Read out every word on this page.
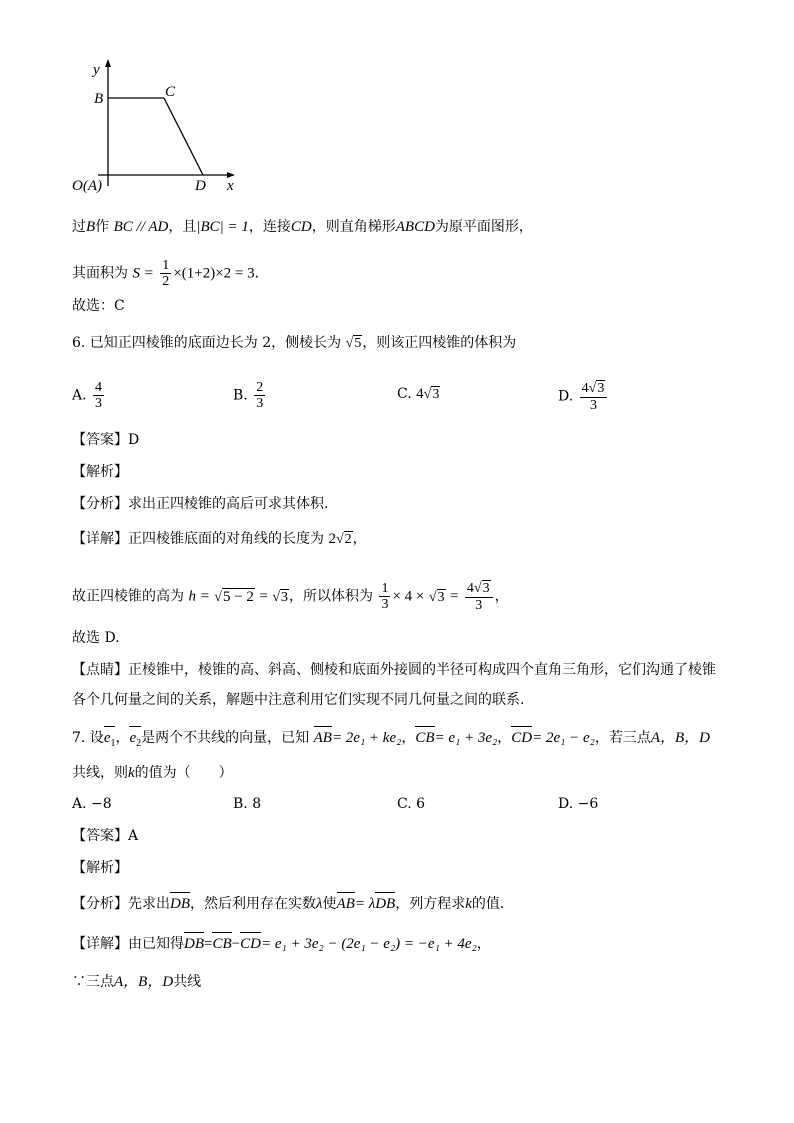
y
B	C
D x
O(A)
过B作 BC // AD，且|BC| = 1，连接CD，则直角梯形ABCD为原平面图形，
其面积为 $S = \frac{1}{2} \times(1+2)\times 2 = 3$．
故选：C
6. 已知正四棱锥的底面边长为 2，侧棱长为 √5，则该正四棱锥的体积为
A. $\frac{4}{3}$	B. $\frac{2}{3}$	C. 4√3	D. $\frac{4√3}{3}$
【答案】D
【解析】
【分析】求出正四棱锥的高后可求其体积.
【详解】正四棱锥底面的对角线的长度为 2√2，
故正四棱锥的高为 h = √5 − 2 = √3，所以体积为 $\frac{1}{3} \times 4 \times √3 = \frac{4√3}{3}$ ，
故选 D.
【点睛】正棱锥中，棱锥的高、斜高、侧棱和底面外接圆的半径可构成四个直角三角形，它们沟通了棱锥
各个几何量之间的关系，解题中注意利用它们实现不同几何量之间的联系.
7. 设$e_1$，$e_2$是两个不共线的向量，已知 AB= 2e₁ + ke₂，CB= e₁ + 3e₂，CD= 2e₁ − e₂，若三点A，B，D
共线，则k的值为（　　）
A. −8	B. 8	C. 6	D. −6
【答案】A
【解析】
【分析】先求出DB，然后利用存在实数λ使AB= λDB，列方程求k的值.
【详解】由已知得DB=CB−CD= e₁ + 3e₂ − (2e₁ − e₂) = −e₁ + 4e₂，
∵三点A，B，D共线
